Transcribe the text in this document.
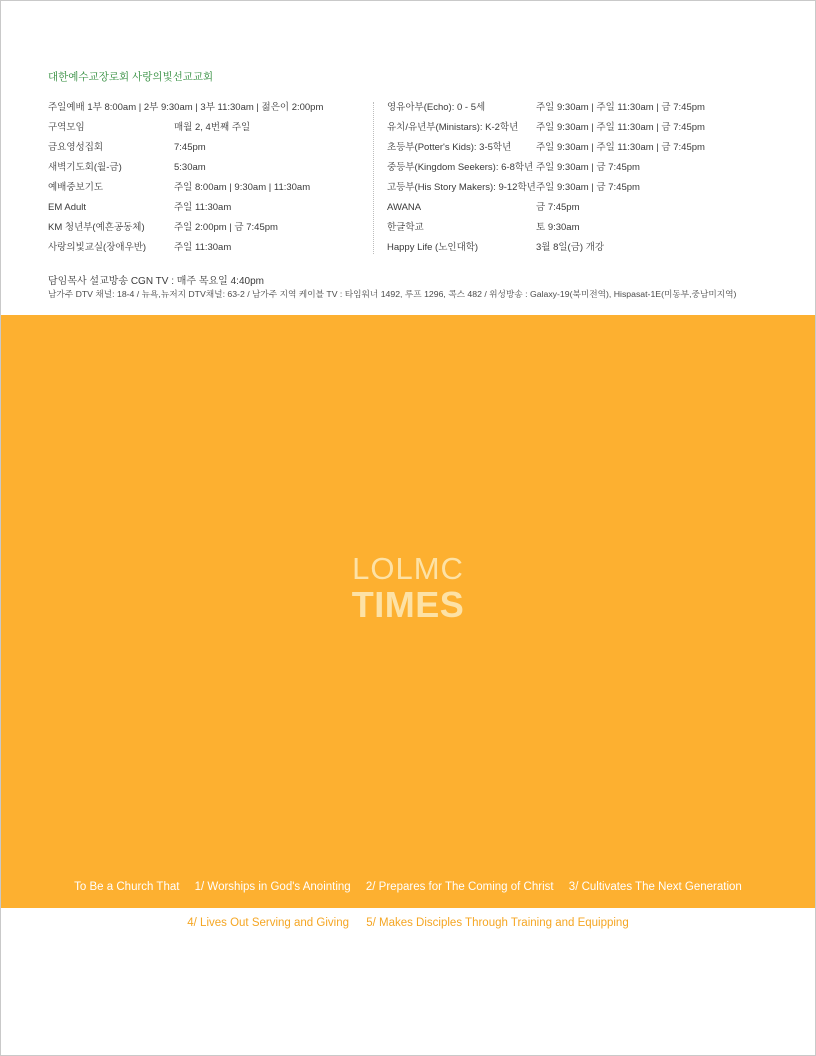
대한예수교장로회 사랑의빛선교교회
주일예배 1부 8:00am | 2부 9:30am | 3부 11:30am | 젊은이 2:00pm
구역모임	매월 2, 4번째 주일
금요영성집회	7:45pm
새벽기도회(월-금)	5:30am
예배중보기도	주일 8:00am | 9:30am | 11:30am
EM Adult	주일 11:30am
KM 청년부(예흔공동체)	주일 2:00pm | 금 7:45pm
사랑의빛교실(장애우반)	주일 11:30am
영유아부(Echo): 0 - 5세	주일 9:30am | 주일 11:30am | 금 7:45pm
유치/유년부(Ministars): K-2학년 주일 9:30am | 주일 11:30am | 금 7:45pm
초등부(Potter's Kids): 3-5학년	주일 9:30am | 주일 11:30am | 금 7:45pm
중등부(Kingdom Seekers): 6-8학년 주일 9:30am | 금 7:45pm
고등부(His Story Makers): 9-12학년 주일 9:30am | 금 7:45pm
AWANA	금 7:45pm
한글학교	토 9:30am
Happy Life (노인대학)	3월 8일(금) 개강
담임목사 설교방송 CGN TV : 매주 목요일 4:40pm
남가주 DTV 채널: 18-4 / 뉴욕,뉴저지 DTV채널: 63-2 / 남가주 지역 케이블 TV : 타임워너 1492, 루프 1296, 콕스 482 / 위성방송 : Galaxy-19(북미전역), Hispasat-1E(미동부,중남미지역)
LOLMC
TIMES
To Be a Church That 1/ Worships in God's Anointing 2/ Prepares for The Coming of Christ 3/ Cultivates The Next Generation
4/ Lives Out Serving and Giving 5/ Makes Disciples Through Training and Equipping
